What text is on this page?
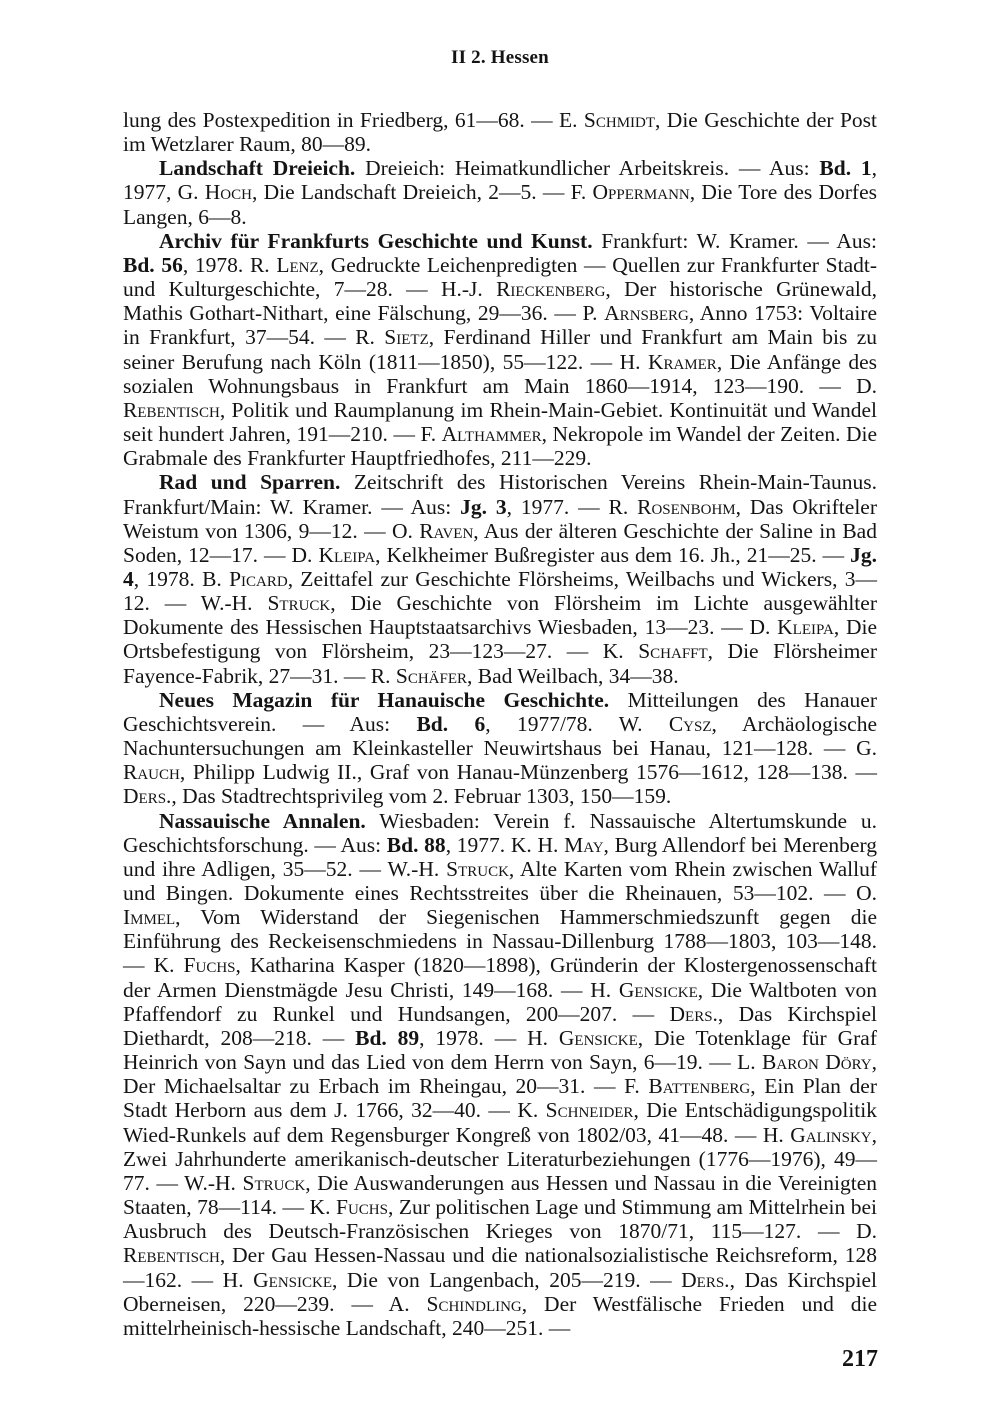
II 2. Hessen

lung des Postexpedition in Friedberg, 61—68. — E. Schmidt, Die Geschichte der Post im Wetzlarer Raum, 80—89.

Landschaft Dreieich. Dreieich: Heimatkundlicher Arbeitskreis. — Aus: Bd. 1, 1977, G. Hoch, Die Landschaft Dreieich, 2—5. — F. Oppermann, Die Tore des Dorfes Langen, 6—8.

Archiv für Frankfurts Geschichte und Kunst. Frankfurt: W. Kramer. — Aus: Bd. 56, 1978. R. Lenz, Gedruckte Leichenpredigten — Quellen zur Frankfurter Stadt- und Kulturgeschichte, 7—28. — H.-J. Rieckenberg, Der historische Grünewald, Mathis Gothart-Nithart, eine Fälschung, 29—36. — P. Arnsberg, Anno 1753: Voltaire in Frankfurt, 37—54. — R. Sietz, Ferdinand Hiller und Frankfurt am Main bis zu seiner Berufung nach Köln (1811—1850), 55—122. — H. Kramer, Die Anfänge des sozialen Wohnungsbaus in Frankfurt am Main 1860—1914, 123—190. — D. Rebentisch, Politik und Raumplanung im Rhein-Main-Gebiet. Kontinuität und Wandel seit hundert Jahren, 191—210. — F. Althammer, Nekropole im Wandel der Zeiten. Die Grabmale des Frankfurter Hauptfriedhofes, 211—229.

Rad und Sparren. Zeitschrift des Historischen Vereins Rhein-Main-Taunus. Frankfurt/Main: W. Kramer. — Aus: Jg. 3, 1977. — R. Rosenbohm, Das Okrifteler Weistum von 1306, 9—12. — O. Raven, Aus der älteren Geschichte der Saline in Bad Soden, 12—17. — D. Kleipa, Kelkheimer Bußregister aus dem 16. Jh., 21—25. — Jg. 4, 1978. B. Picard, Zeittafel zur Geschichte Flörsheims, Weilbachs und Wickers, 3—12. — W.-H. Struck, Die Geschichte von Flörsheim im Lichte ausgewählter Dokumente des Hessischen Hauptstaatsarchivs Wiesbaden, 13—23. — D. Kleipa, Die Ortsbefestigung von Flörsheim, 23—123—27. — K. Schafft, Die Flörsheimer Fayence-Fabrik, 27—31. — R. Schäfer, Bad Weilbach, 34—38.

Neues Magazin für Hanauische Geschichte. Mitteilungen des Hanauer Geschichtsverein. — Aus: Bd. 6, 1977/78. W. Cysz, Archäologische Nachuntersuchungen am Kleinkasteller Neuwirtshaus bei Hanau, 121—128. — G. Rauch, Philipp Ludwig II., Graf von Hanau-Münzenberg 1576—1612, 128—138. — Ders., Das Stadtrechtsprivileg vom 2. Februar 1303, 150—159.

Nassauische Annalen. Wiesbaden: Verein f. Nassauische Altertumskunde u. Geschichtsforschung. — Aus: Bd. 88, 1977. K. H. May, Burg Allendorf bei Merenberg und ihre Adligen, 35—52. — W.-H. Struck, Alte Karten vom Rhein zwischen Walluf und Bingen. Dokumente eines Rechtsstreites über die Rheinauen, 53—102. — O. Immel, Vom Widerstand der Siegenischen Hammerschmiedszunft gegen die Einführung des Reckeisenschmiedens in Nassau-Dillenburg 1788—1803, 103—148. — K. Fuchs, Katharina Kasper (1820—1898), Gründerin der Klostergenossenschaft der Armen Dienstmägde Jesu Christi, 149—168. — H. Gensicke, Die Waltboten von Pfaffendorf zu Runkel und Hundsangen, 200—207. — Ders., Das Kirchspiel Diethardt, 208—218. — Bd. 89, 1978. — H. Gensicke, Die Totenklage für Graf Heinrich von Sayn und das Lied von dem Herrn von Sayn, 6—19. — L. Baron Döry, Der Michaelsaltar zu Erbach im Rheingau, 20—31. — F. Battenberg, Ein Plan der Stadt Herborn aus dem J. 1766, 32—40. — K. Schneider, Die Entschädigungspolitik Wied-Runkels auf dem Regensburger Kongreß von 1802/03, 41—48. — H. Galinsky, Zwei Jahrhunderte amerikanisch-deutscher Literaturbeziehungen (1776—1976), 49—77. — W.-H. Struck, Die Auswanderungen aus Hessen und Nassau in die Vereinigten Staaten, 78—114. — K. Fuchs, Zur politischen Lage und Stimmung am Mittelrhein bei Ausbruch des Deutsch-Französischen Krieges von 1870/71, 115—127. — D. Rebentisch, Der Gau Hessen-Nassau und die nationalsozialistische Reichsreform, 128—162. — H. Gensicke, Die von Langenbach, 205—219. — Ders., Das Kirchspiel Oberneisen, 220—239. — A. Schindling, Der Westfälische Frieden und die mittelrheinisch-hessische Landschaft, 240—251. —

217
